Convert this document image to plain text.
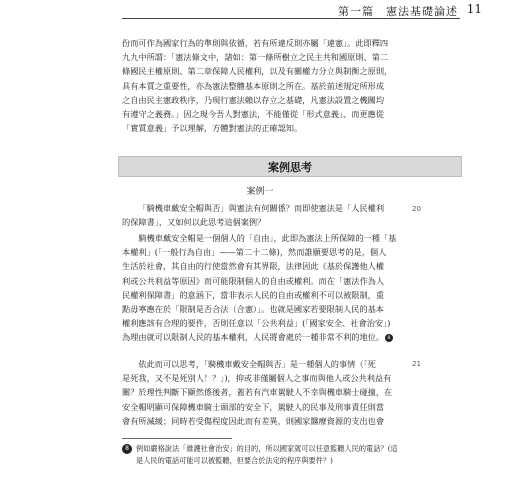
第一篇　憲法基礎論述 11

份而可作為國家行為的準則與依循，若有所違反則亦屬「違憲」。此即釋四

九九中所謂：「憲法條文中，諸如：第一條所樹立之民主共和國原則、第二

條國民主權原則、第二章保障人民權利，以及有關權力分立與制衡之原則，

具有本質之重要性，亦為憲法整體基本原則之所在。基於前述規定所形成

之自由民主憲政秩序，乃現行憲法賴以存立之基礎，凡憲法設置之機關均

有遵守之義務。」因之現今吾人對憲法，不能僅從「形式意義」、而更應從

「實質意義」予以理解，方體對憲法的正確認知。

案例思考
案例一
20

「騎機車戴安全帽與否」與憲法有何關係？而即使憲法是「人民權利

的保障書」，又如何以此思考這個案例？

騎機車戴安全帽是一個個人的「自由」，此即為憲法上所保障的一種「基

本權利」(「一般行為自由」——第二十二條)，然而誰願要思考的是，個人

生活於社會，其自由的行使當然會有其界限，法律因此《基於保護他人權

利或公共利益等原因》而可能限制個人的自由或權利。而在「憲法作為人

民權利保障書」的意涵下，當非表示人民的自由或權利不可以被限制，重

點毋寧應在於「限制是否合法（合憲）」。也就是國家若要限制人民的基本

權利應該有合理的要件，否則任意以「公共利益」(「國家安全、社會治安」)

為理由就可以限制人民的基本權利，人民將會處於一種非常不利的地位。 8

21

依此而可以思考，「騎機車戴安全帽與否」是一種個人的事情（「死

是死我，又不是死別人！？」)，抑或非僅屬個人之事而與他人或公共利益有

關？於理性判斷下顯然係後者，蓋若有汽車駕駛人不幸與機車騎士碰撞，在

安全帽明顯可保障機車騎士頭部的安全下，駕駛人的民事及刑事責任則當

會有所減緩；同時若受傷程度因此而有差異，則國家醫療資源的支出也會

8 例如嚴格說法「維護社會治安」的目的，所以國家就可以任意監聽人民的電話？(這
是人民的電話可能可以被監聽，但要合於法定的程序與要件？)
